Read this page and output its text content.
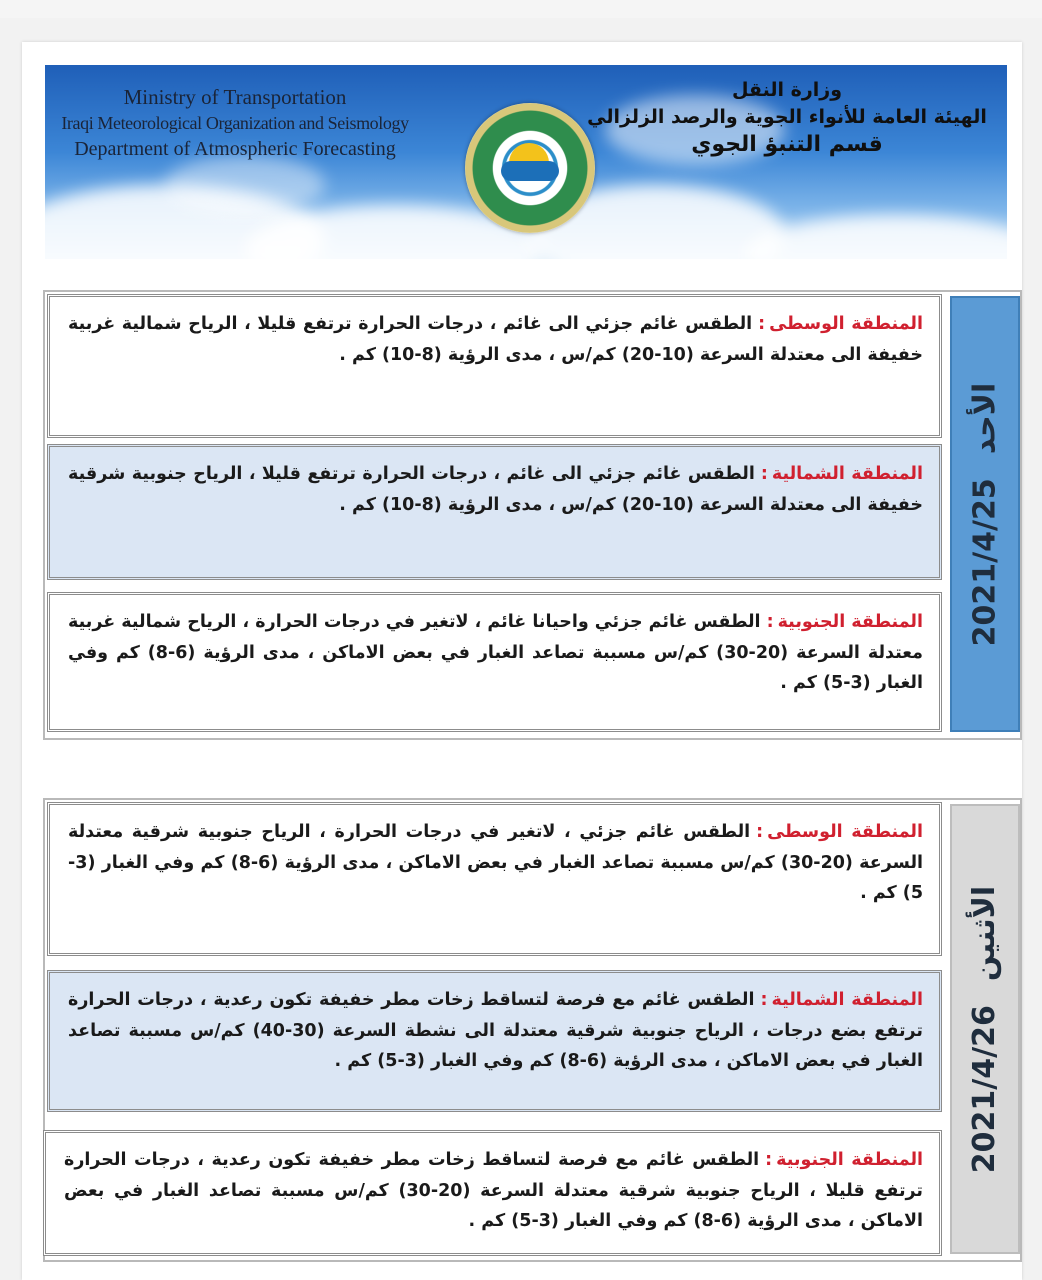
Ministry of Transportation
Iraqi Meteorological Organization and Seismology
Department of Atmospheric Forecasting
وزارة النقل
الهيئة العامة للأنواء الجوية والرصد الزلزالي
قسم التنبؤ الجوي
2021/4/25
الأحد
المنطقة الوسطى:الطقس غائم جزئي الى غائم ، درجات الحرارة ترتفع قليلا ، الرياح شمالية غربية خفيفة الى معتدلة السرعة (10-20) كم/س ، مدى الرؤية (8-10) كم .
المنطقة الشمالية:الطقس غائم جزئي الى غائم ، درجات الحرارة ترتفع قليلا ، الرياح جنوبية شرقية خفيفة الى معتدلة السرعة (10-20) كم/س ، مدى الرؤية (8-10) كم .
المنطقة الجنوبية:الطقس غائم جزئي واحيانا غائم ، لاتغير في درجات الحرارة ، الرياح شمالية غربية معتدلة السرعة (20-30) كم/س مسببة تصاعد الغبار في بعض الاماكن ، مدى الرؤية (6-8) كم وفي الغبار (3-5) كم .
2021/4/26
الأثنين
المنطقة الوسطى:الطقس غائم جزئي ، لاتغير في درجات الحرارة ، الرياح جنوبية شرقية معتدلة السرعة (20-30) كم/س مسببة تصاعد الغبار في بعض الاماكن ، مدى الرؤية (6-8) كم وفي الغبار (3-5) كم .
المنطقة الشمالية:الطقس غائم مع فرصة لتساقط زخات مطر خفيفة تكون رعدية ، درجات الحرارة ترتفع بضع درجات ، الرياح جنوبية شرقية معتدلة الى نشطة السرعة (30-40) كم/س مسببة تصاعد الغبار في بعض الاماكن ، مدى الرؤية (6-8) كم وفي الغبار (3-5) كم .
المنطقة الجنوبية:الطقس غائم مع فرصة لتساقط زخات مطر خفيفة تكون رعدية ، درجات الحرارة ترتفع قليلا ، الرياح جنوبية شرقية معتدلة السرعة (20-30) كم/س مسببة تصاعد الغبار في بعض الاماكن ، مدى الرؤية (6-8) كم وفي الغبار (3-5) كم .
